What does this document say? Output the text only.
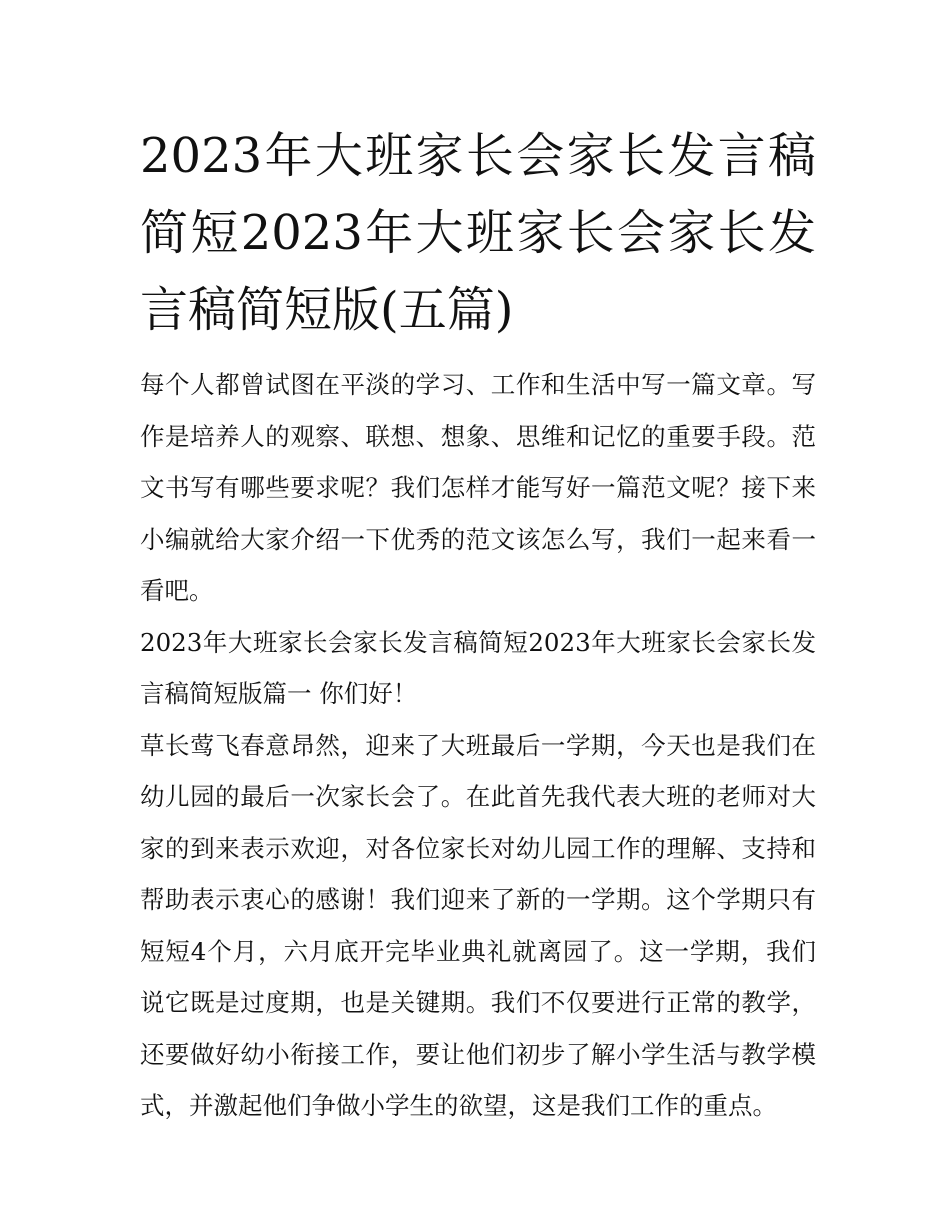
2023年大班家长会家长发言稿简短2023年大班家长会家长发言稿简短版(五篇)

每个人都曾试图在平淡的学习、工作和生活中写一篇文章。写作是培养人的观察、联想、想象、思维和记忆的重要手段。范文书写有哪些要求呢？我们怎样才能写好一篇范文呢？接下来小编就给大家介绍一下优秀的范文该怎么写，我们一起来看一看吧。

2023年大班家长会家长发言稿简短2023年大班家长会家长发言稿简短版篇一 你们好！

草长莺飞春意昂然，迎来了大班最后一学期，今天也是我们在幼儿园的最后一次家长会了。在此首先我代表大班的老师对大家的到来表示欢迎，对各位家长对幼儿园工作的理解、支持和帮助表示衷心的感谢！我们迎来了新的一学期。这个学期只有短短4个月，六月底开完毕业典礼就离园了。这一学期，我们说它既是过度期，也是关键期。我们不仅要进行正常的教学，还要做好幼小衔接工作，要让他们初步了解小学生活与教学模式，并激起他们争做小学生的欲望，这是我们工作的重点。
